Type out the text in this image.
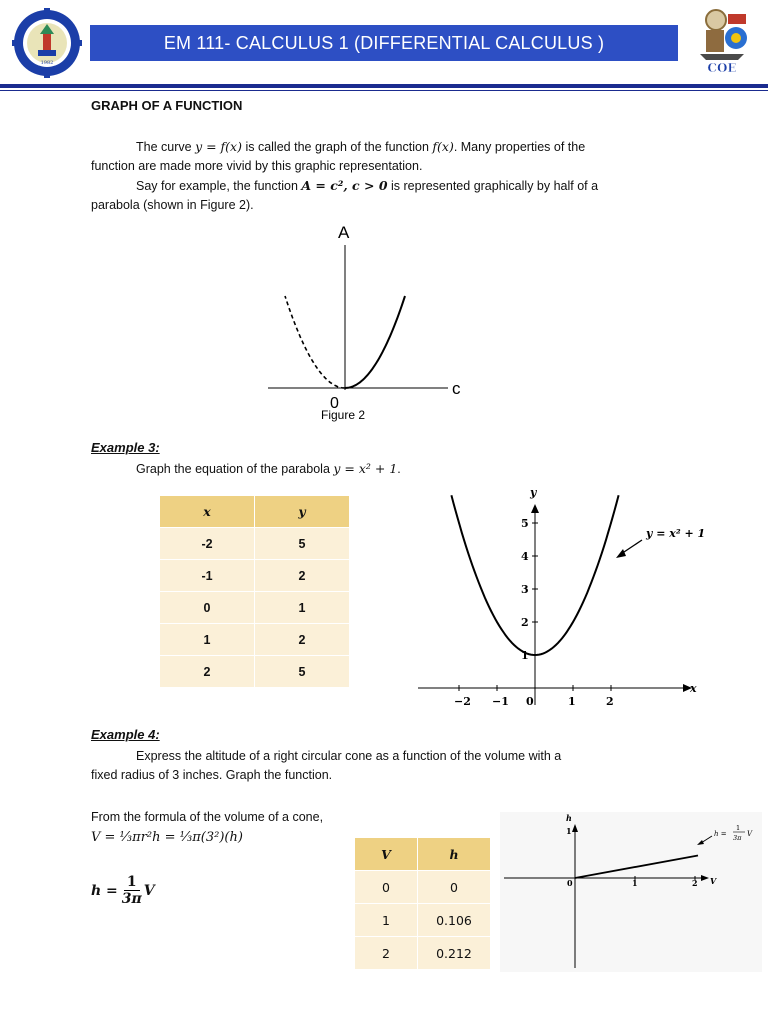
1982
EM 111- CALCULUS 1 (DIFFERENTIAL CALCULUS )
COE
GRAPH OF A FUNCTION
The curve y = f(x) is called the graph of the function f(x). Many properties of the
function are made more vivid by this graphic representation.
Say for example, the function A = c², c > 0 is represented graphically by half of a
parabola (shown in Figure 2).
A
c
0
Figure 2
Example 3:
Graph the equation of the parabola y = x² + 1.
x	y
-2	5
-1	2
0	1
1	2
2	5
x
y
−2 −1 0	1	2
1
2
3
4
5
y = x² + 1
Example 4:
Express the altitude of a right circular cone as a function of the volume with a
fixed radius of 3 inches. Graph the function.
From the formula of the volume of a cone,
V = ⅓πr²h = ⅓π(3²)(h)
$h = \frac{1}{3\pi}$ V
V	h
0	0
1	0.106
2	0.212
V
h
0	1	2
1	h =
1
3π V
